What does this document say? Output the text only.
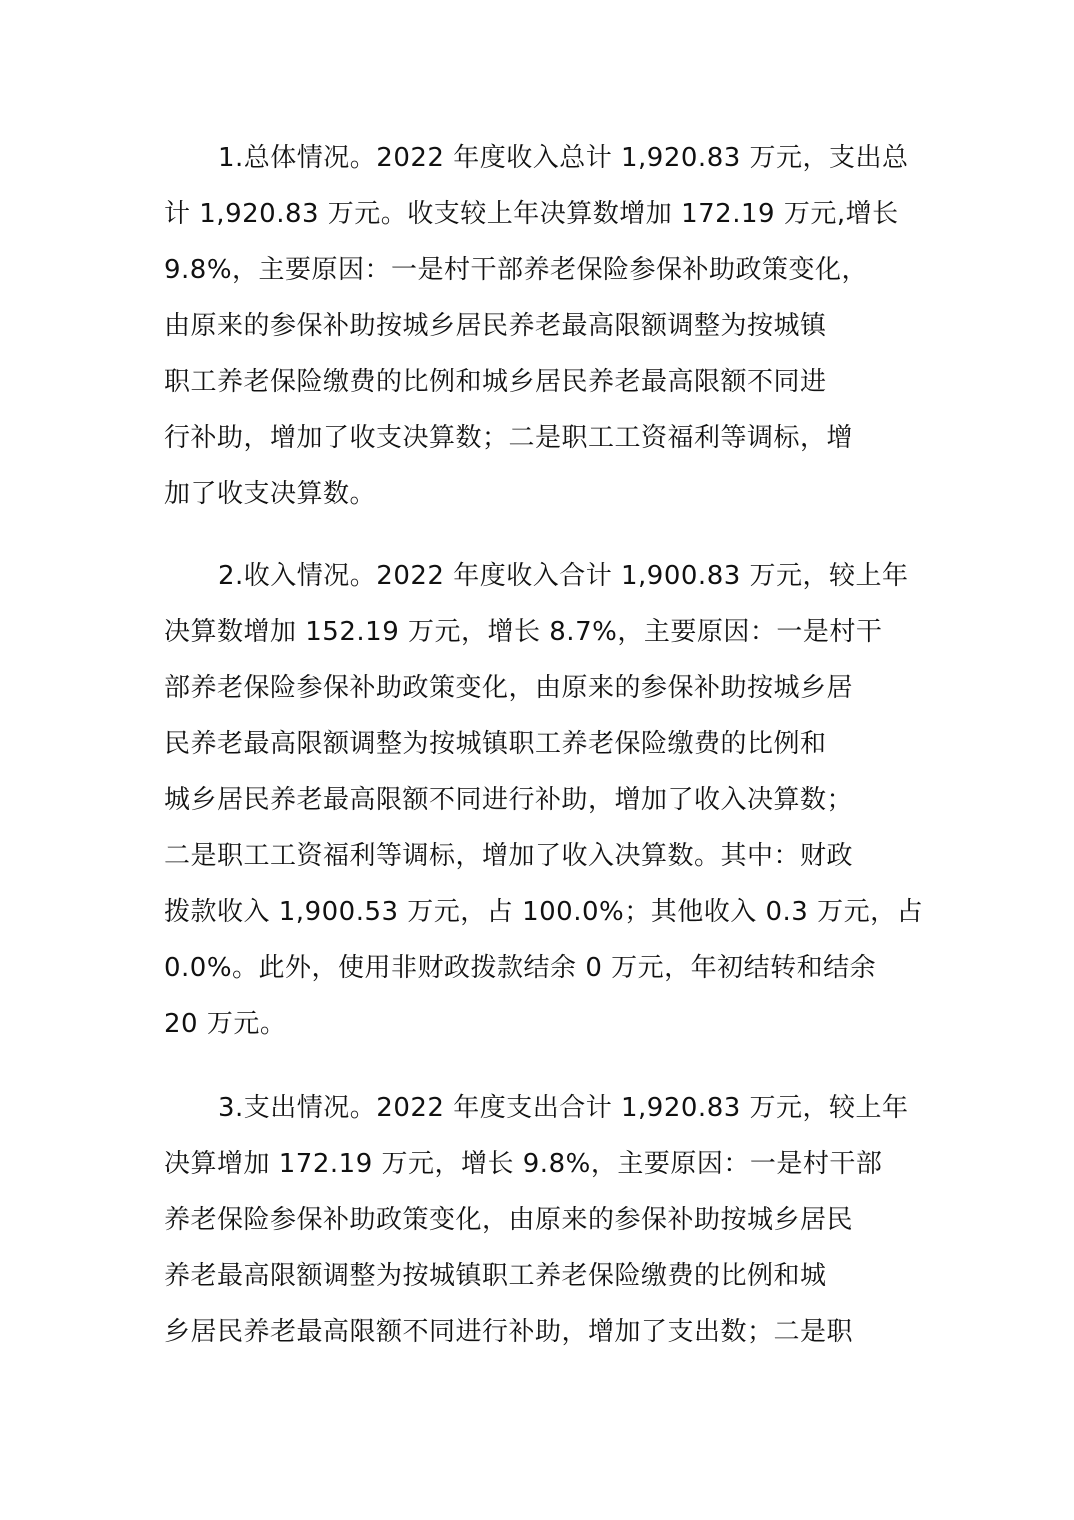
1.总体情况。2022 年度收入总计 1,920.83 万元，支出总
计 1,920.83 万元。收支较上年决算数增加 172.19 万元,增长
9.8%，主要原因：一是村干部养老保险参保补助政策变化，
由原来的参保补助按城乡居民养老最高限额调整为按城镇
职工养老保险缴费的比例和城乡居民养老最高限额不同进
行补助，增加了收支决算数；二是职工工资福利等调标，增
加了收支决算数。
2.收入情况。2022 年度收入合计 1,900.83 万元，较上年
决算数增加 152.19 万元，增长 8.7%，主要原因：一是村干
部养老保险参保补助政策变化，由原来的参保补助按城乡居
民养老最高限额调整为按城镇职工养老保险缴费的比例和
城乡居民养老最高限额不同进行补助，增加了收入决算数；
二是职工工资福利等调标，增加了收入决算数。其中：财政
拨款收入 1,900.53 万元，占 100.0%；其他收入 0.3 万元，占
0.0%。此外，使用非财政拨款结余 0 万元，年初结转和结余
20 万元。
3.支出情况。2022 年度支出合计 1,920.83 万元，较上年
决算增加 172.19 万元，增长 9.8%，主要原因：一是村干部
养老保险参保补助政策变化，由原来的参保补助按城乡居民
养老最高限额调整为按城镇职工养老保险缴费的比例和城
乡居民养老最高限额不同进行补助，增加了支出数；二是职
